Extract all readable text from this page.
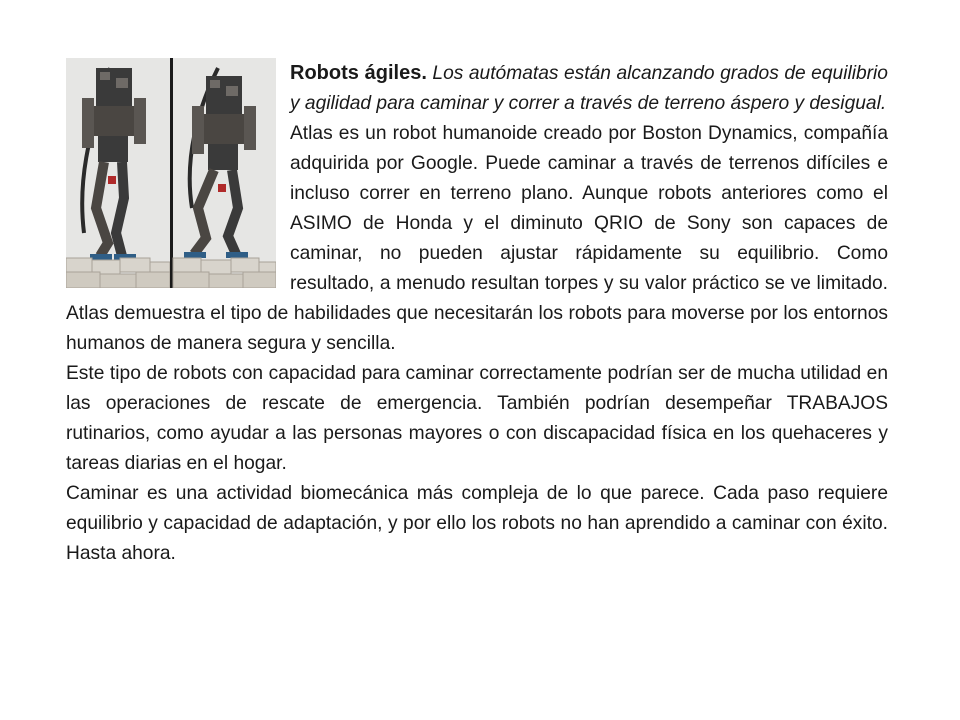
Robots ágiles. Los autómatas están alcanzando grados de equilibrio y agilidad para caminar y correr a través de terreno áspero y desigual.

Atlas es un robot humanoide creado por Boston Dynamics, compañía adquirida por Google. Puede caminar a través de terrenos difíciles e incluso correr en terreno plano. Aunque robots anteriores como el ASIMO de Honda y el diminuto QRIO de Sony son capaces de caminar, no pueden ajustar rápidamente su equilibrio. Como resultado, a menudo resultan torpes y su valor práctico se ve limitado. Atlas demuestra el tipo de habilidades que necesitarán los robots para moverse por los entornos humanos de manera segura y sencilla.

Este tipo de robots con capacidad para caminar correctamente podrían ser de mucha utilidad en las operaciones de rescate de emergencia. También podrían desempeñar TRABAJOS rutinarios, como ayudar a las personas mayores o con discapacidad física en los quehaceres y tareas diarias en el hogar.

Caminar es una actividad biomecánica más compleja de lo que parece. Cada paso requiere equilibrio y capacidad de adaptación, y por ello los robots no han aprendido a caminar con éxito. Hasta ahora.
